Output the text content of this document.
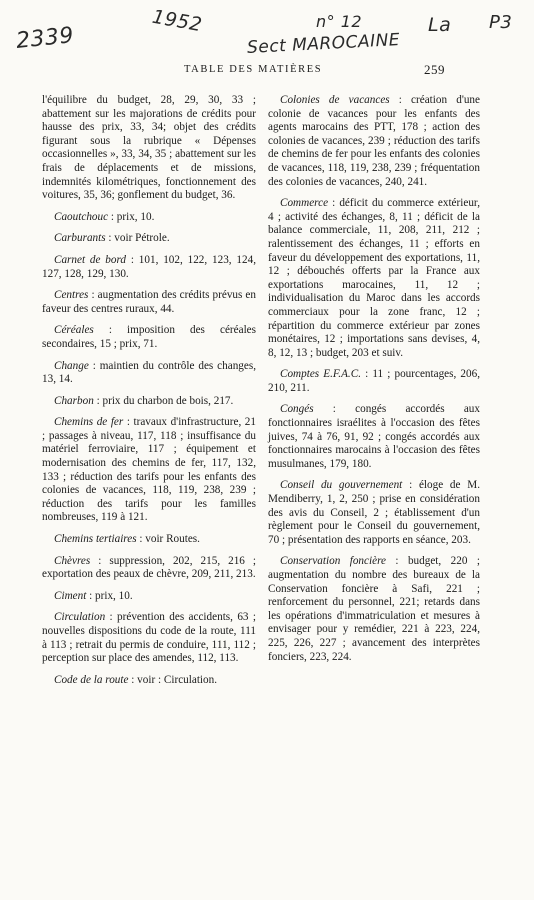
2339
1952	n° 12
Sect MAROCAINE
La P3
TABLE DES MATIÈRES	259

l'équilibre du budget, 28, 29, 30, 33 ; abattement sur les majorations de crédits pour hausse des prix, 33, 34; objet des crédits figurant sous la rubrique « Dépenses occasionnelles », 33, 34, 35 ; abattement sur les frais de déplacements et de missions, indemnités kilométriques, fonctionnement des voitures, 35, 36; gonflement du budget, 36.

Caoutchouc : prix, 10.

Carburants : voir Pétrole.

Carnet de bord : 101, 102, 122, 123, 124, 127, 128, 129, 130.

Centres : augmentation des crédits prévus en faveur des centres ruraux, 44.

Céréales : imposition des céréales secondaires, 15 ; prix, 71.

Change : maintien du contrôle des changes, 13, 14.

Charbon : prix du charbon de bois, 217.

Chemins de fer : travaux d'infrastructure, 21 ; passages à niveau, 117, 118 ; insuffisance du matériel ferroviaire, 117 ; équipement et modernisation des chemins de fer, 117, 132, 133 ; réduction des tarifs pour les enfants des colonies de vacances, 118, 119, 238, 239 ; réduction des tarifs pour les familles nombreuses, 119 à 121.

Chemins tertiaires : voir Routes.

Chèvres : suppression, 202, 215, 216 ; exportation des peaux de chèvre, 209, 211, 213.

Ciment : prix, 10.

Circulation : prévention des accidents, 63 ; nouvelles dispositions du code de la route, 111 à 113 ; retrait du permis de conduire, 111, 112 ; perception sur place des amendes, 112, 113.

Code de la route : voir : Circulation.

Colonies de vacances : création d'une colonie de vacances pour les enfants des agents marocains des PTT, 178 ; action des colonies de vacances, 239 ; réduction des tarifs de chemins de fer pour les enfants des colonies de vacances, 118, 119, 238, 239 ; fréquentation des colonies de vacances, 240, 241.

Commerce : déficit du commerce extérieur, 4 ; activité des échanges, 8, 11 ; déficit de la balance commerciale, 11, 208, 211, 212 ; ralentissement des échanges, 11 ; efforts en faveur du développement des exportations, 11, 12 ; débouchés offerts par la France aux exportations marocaines, 11, 12 ; individualisation du Maroc dans les accords commerciaux pour la zone franc, 12 ; répartition du commerce extérieur par zones monétaires, 12 ; importations sans devises, 4, 8, 12, 13 ; budget, 203 et suiv.

Comptes E.F.A.C. : 11 ; pourcentages, 206, 210, 211.

Congés : congés accordés aux fonctionnaires israélites à l'occasion des fêtes juives, 74 à 76, 91, 92 ; congés accordés aux fonctionnaires marocains à l'occasion des fêtes musulmanes, 179, 180.

Conseil du gouvernement : éloge de M. Mendiberry, 1, 2, 250 ; prise en considération des avis du Conseil, 2 ; établissement d'un règlement pour le Conseil du gouvernement, 70 ; présentation des rapports en séance, 203.

Conservation foncière : budget, 220 ; augmentation du nombre des bureaux de la Conservation foncière à Safi, 221 ; renforcement du personnel, 221; retards dans les opérations d'immatriculation et mesures à envisager pour y remédier, 221 à 223, 224, 225, 226, 227 ; avancement des interprètes fonciers, 223, 224.
